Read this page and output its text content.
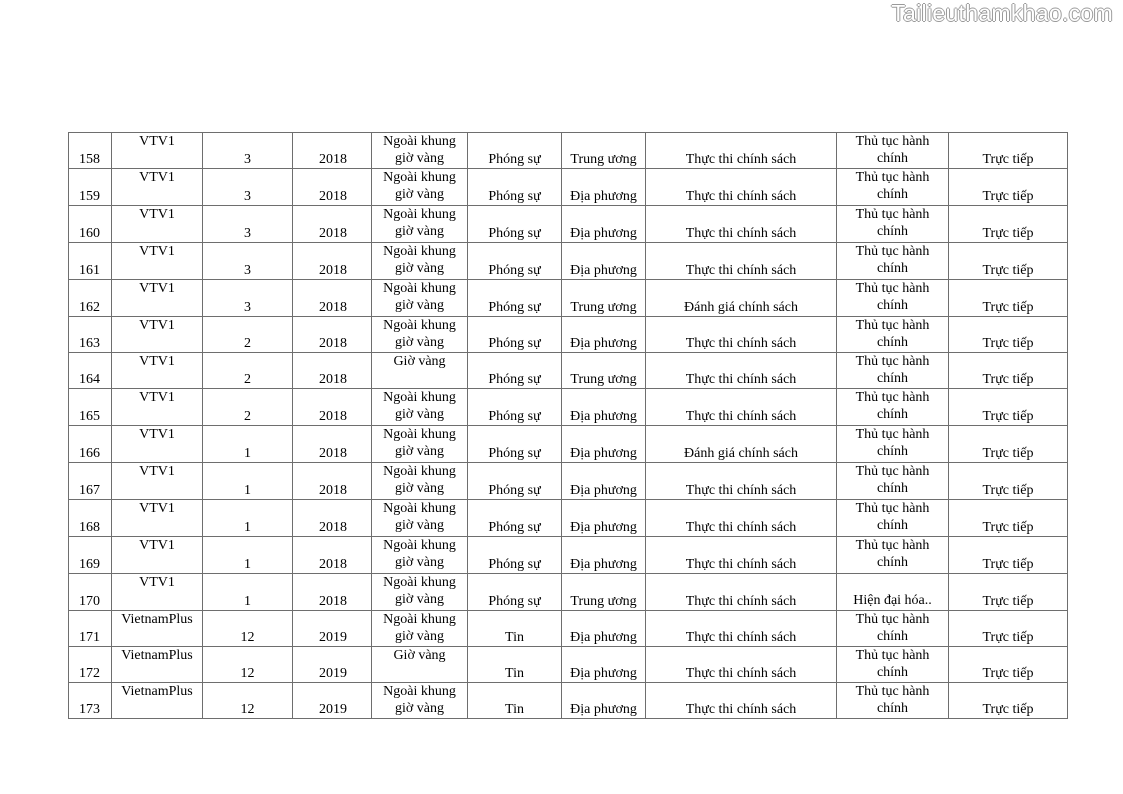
Tailieuthamkhao.com
158	VTV1	3	2018	Ngoài khung
giờ vàng	Phóng sự	Trung ương	Thực thi chính sách	Thủ tục hành
chính	Trực tiếp

159	VTV1	3	2018	Ngoài khung
giờ vàng	Phóng sự	Địa phương	Thực thi chính sách	Thủ tục hành
chính	Trực tiếp

160	VTV1	3	2018	Ngoài khung
giờ vàng	Phóng sự	Địa phương	Thực thi chính sách	Thủ tục hành
chính	Trực tiếp

161	VTV1	3	2018	Ngoài khung
giờ vàng	Phóng sự	Địa phương	Thực thi chính sách	Thủ tục hành
chính	Trực tiếp

162	VTV1	3	2018	Ngoài khung
giờ vàng	Phóng sự	Trung ương	Đánh giá chính sách	Thủ tục hành
chính	Trực tiếp

163	VTV1	2	2018	Ngoài khung
giờ vàng	Phóng sự	Địa phương	Thực thi chính sách	Thủ tục hành
chính	Trực tiếp

164	VTV1	2	2018	Giờ vàng	Phóng sự	Trung ương	Thực thi chính sách	Thủ tục hành
chính	Trực tiếp

165	VTV1	2	2018	Ngoài khung
giờ vàng	Phóng sự	Địa phương	Thực thi chính sách	Thủ tục hành
chính	Trực tiếp

166	VTV1	1	2018	Ngoài khung
giờ vàng	Phóng sự	Địa phương	Đánh giá chính sách	Thủ tục hành
chính	Trực tiếp

167	VTV1	1	2018	Ngoài khung
giờ vàng	Phóng sự	Địa phương	Thực thi chính sách	Thủ tục hành
chính	Trực tiếp

168	VTV1	1	2018	Ngoài khung
giờ vàng	Phóng sự	Địa phương	Thực thi chính sách	Thủ tục hành
chính	Trực tiếp

169	VTV1	1	2018	Ngoài khung
giờ vàng	Phóng sự	Địa phương	Thực thi chính sách	Thủ tục hành
chính	Trực tiếp

170	VTV1	1	2018	Ngoài khung
giờ vàng	Phóng sự	Trung ương	Thực thi chính sách	Hiện đại hóa..	Trực tiếp

171	VietnamPlus	12	2019	Ngoài khung
giờ vàng	Tin	Địa phương	Thực thi chính sách	Thủ tục hành
chính	Trực tiếp

172	VietnamPlus	12	2019	Giờ vàng	Tin	Địa phương	Thực thi chính sách	Thủ tục hành
chính	Trực tiếp

173	VietnamPlus	12	2019	Ngoài khung
giờ vàng	Tin	Địa phương	Thực thi chính sách	Thủ tục hành
chính	Trực tiếp
